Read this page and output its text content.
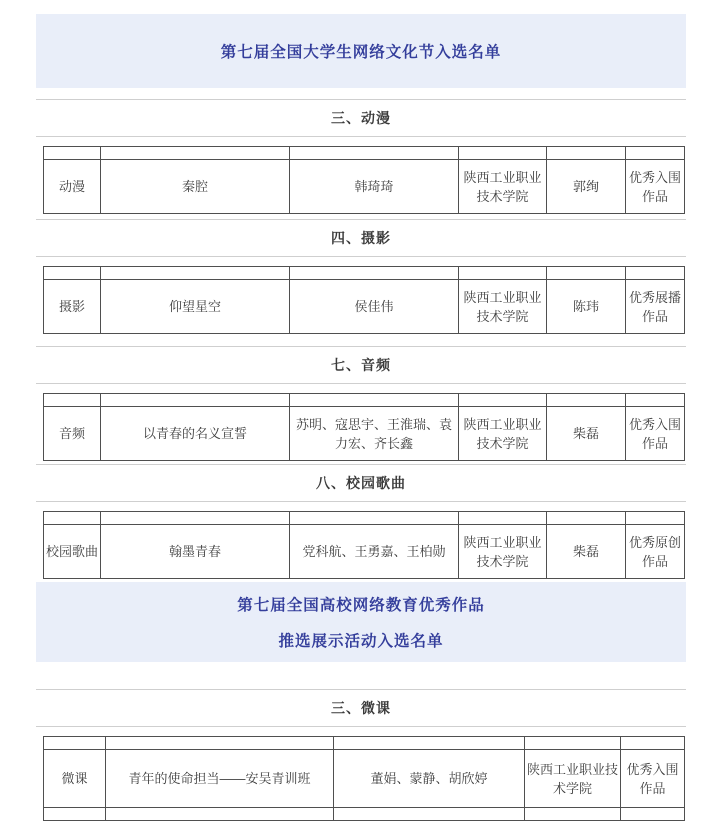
第七届全国大学生网络文化节入选名单
三、动漫

动漫	秦腔	韩琦琦	陕西工业职业技术学院	郭绚	优秀入围作品
四、摄影

摄影	仰望星空	侯佳伟	陕西工业职业技术学院	陈玮	优秀展播作品
七、音频

音频	以青春的名义宣誓	苏明、寇思宇、王淮瑞、袁力宏、齐长鑫	陕西工业职业技术学院	柴磊	优秀入围作品
八、校园歌曲

校园歌曲	翰墨青春	党科航、王勇嘉、王柏勋	陕西工业职业技术学院	柴磊	优秀原创作品
第七届全国高校网络教育优秀作品
推选展示活动入选名单
三、微课

微课	青年的使命担当——安吴青训班	董娟、蒙静、胡欣婷	陕西工业职业技术学院	优秀入围作品
